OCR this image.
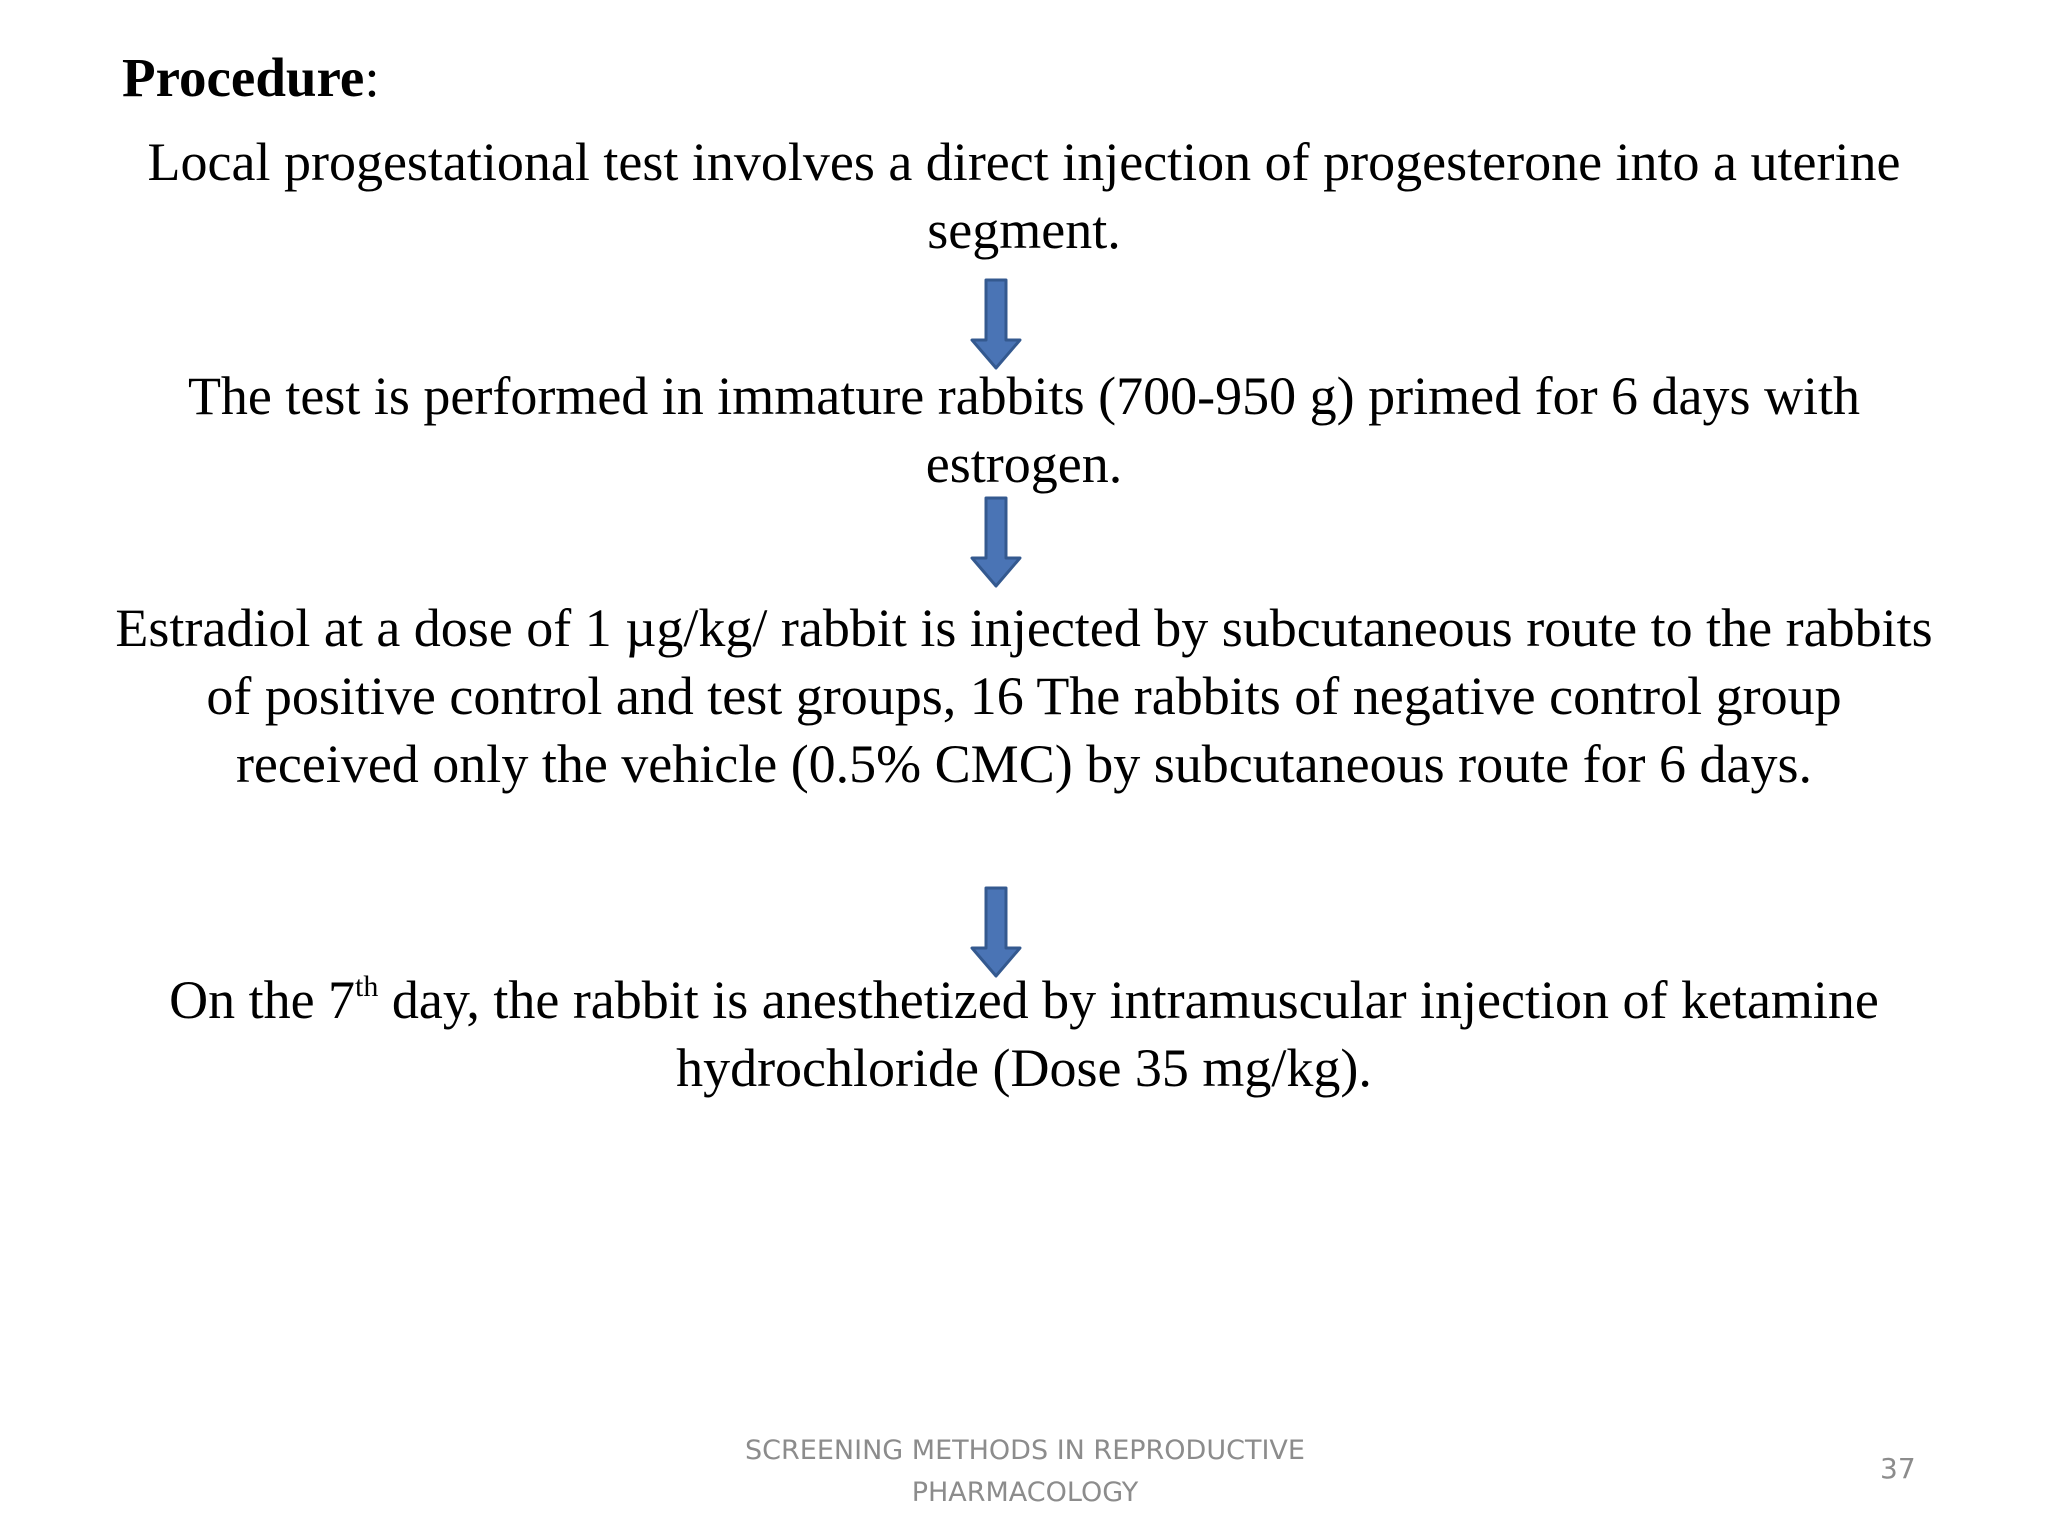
Procedure:
Local progestational test involves a direct injection of progesterone into a uterine segment.
The test is performed in immature rabbits (700-950 g) primed for 6 days with estrogen.
Estradiol at a dose of 1 µg/kg/ rabbit is injected by subcutaneous route to the rabbits of positive control and test groups, 16 The rabbits of negative control group received only the vehicle (0.5% CMC) by subcutaneous route for 6 days.
On the 7th day, the rabbit is anesthetized by intramuscular injection of ketamine hydrochloride (Dose 35 mg/kg).
SCREENING METHODS IN REPRODUCTIVE PHARMACOLOGY
37
